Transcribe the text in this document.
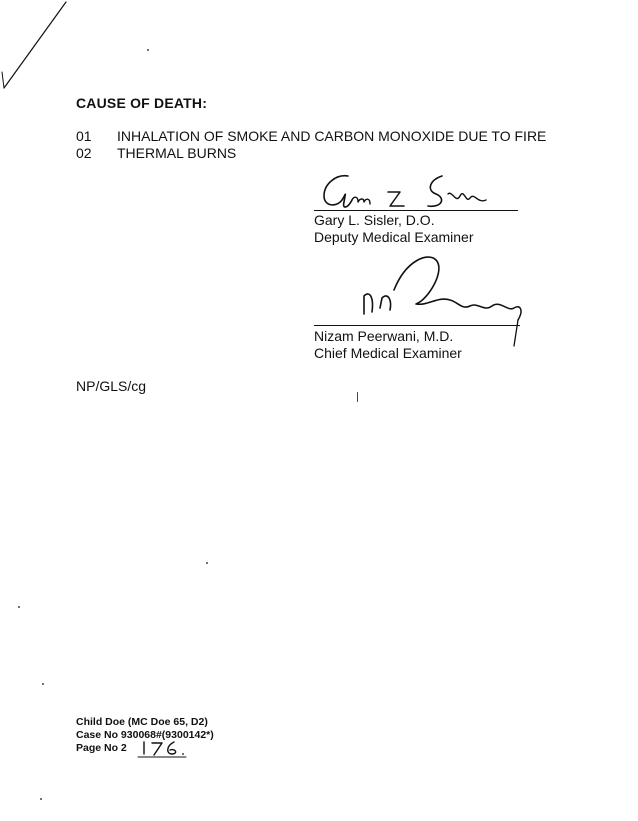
CAUSE OF DEATH:
01 INHALATION OF SMOKE AND CARBON MONOXIDE DUE TO FIRE
02 THERMAL BURNS
Gary L. Sisler, D.O.
Deputy Medical Examiner
Nizam Peerwani, M.D.
Chief Medical Examiner
NP/GLS/cg
Child Doe (MC Doe 65, D2)
Case No 930068#(9300142*)
Page No 2
